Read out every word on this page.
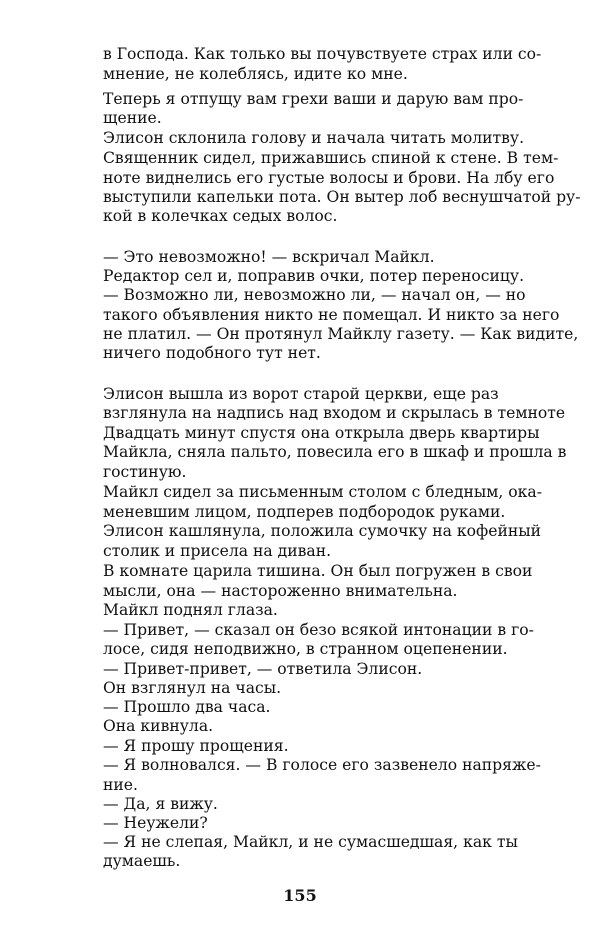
в Господа. Как только вы почувствуете страх или со-
мнение, не колеблясь, идите ко мне.
Теперь я отпущу вам грехи ваши и дарую вам про-
щение.
Элисон склонила голову и начала читать молитву.
Священник сидел, прижавшись спиной к стене. В тем-
ноте виднелись его густые волосы и брови. На лбу его
выступили капельки пота. Он вытер лоб веснушчатой ру-
кой в колечках седых волос.
— Это невозможно! — вскричал Майкл.
Редактор сел и, поправив очки, потер переносицу.
— Возможно ли, невозможно ли, — начал он, — но
такого объявления никто не помещал. И никто за него
не платил. — Он протянул Майклу газету. — Как видите,
ничего подобного тут нет.
Элисон вышла из ворот старой церкви, еще раз
взглянула на надпись над входом и скрылась в темноте
Двадцать минут спустя она открыла дверь квартиры
Майкла, сняла пальто, повесила его в шкаф и прошла в
гостиную.
Майкл сидел за письменным столом с бледным, ока-
меневшим лицом, подперев подбородок руками.
Элисон кашлянула, положила сумочку на кофейный
столик и присела на диван.
В комнате царила тишина. Он был погружен в свои
мысли, она — настороженно внимательна.
Майкл поднял глаза.
— Привет, — сказал он безо всякой интонации в го-
лосе, сидя неподвижно, в странном оцепенении.
— Привет-привет, — ответила Элисон.
Он взглянул на часы.
— Прошло два часа.
Она кивнула.
— Я прошу прощения.
— Я волновался. — В голосе его зазвенело напряже-
ние.
— Да, я вижу.
— Неужели?
— Я не слепая, Майкл, и не сумасшедшая, как ты
думаешь.
155
